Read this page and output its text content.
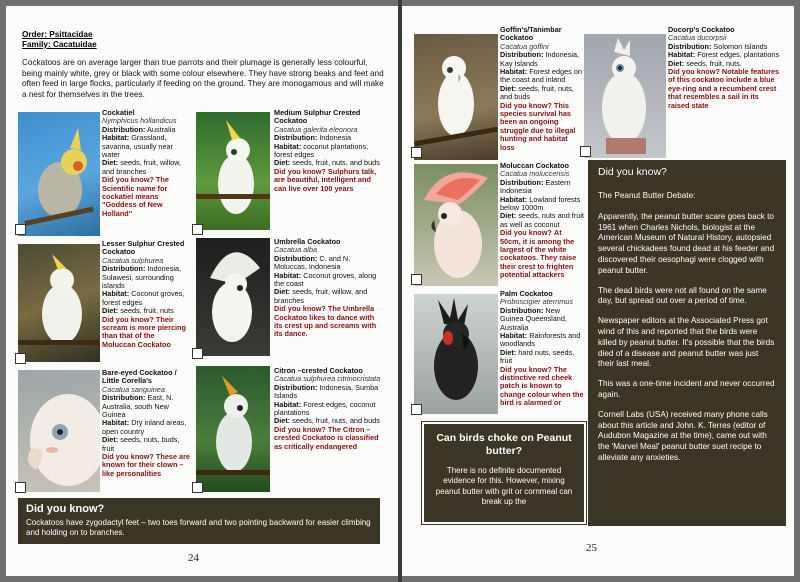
Order: Psittacidae
Family: Cacatuidae
Cockatoos are on average larger than true parrots and their plumage is generally less colourful, being mainly white, grey or black with some colour elsewhere. They have strong beaks and feet and often feed in large flocks, particularly if feeding on the ground. They are monogamous and will make a nest for themselves in the trees.
Cockatiel
Nymphicus hollandicus
Distribution: Australia
Habitat: Grassland, savanna, usually near water
Diet: seeds, fruit, willow, and branches
Did you know? The Scientific name for cockatiel means "Goddess of New Holland"
Medium Sulphur Crested Cockatoo
Cacatua galerita eleonora
Distribution: Indonesia
Habitat: coconut plantations, forest edges
Diet: seeds, fruit, nuts, and buds
Did you know? Sulphurs talk, are beautiful, intelligent and can live over 100 years
Lesser Sulphur Crested Cockatoo
Cacatua sulphurea
Distribution: Indonesia, Sulawesi, surrounding islands
Habitat: Coconut groves, forest edges
Diet: seeds, fruit, nuts
Did you know? Their scream is more piercing than that of the Moluccan Cockatoo
Umbrella Cockatoo
Cacatua alba
Distribution: C. and N. Moluccas, Indonesia
Habitat: Coconut groves, along the coast
Diet: seeds, fruit, willow, and branches
Did you know? The Umbrella Cockatoo likes to dance with its crest up and screams with its dance.
Bare-eyed Cockatoo / Little Corella's
Cacatua sanguinea
Distribution: East, N. Australia, south New Guinea
Habitat: Dry inland areas, open country
Diet: seeds, nuts, buds, fruit
Did you know? These are known for their clown – like personalities
Citron –crested Cockatoo
Cacatua sulphurea citrinocristata
Distribution: Indonesia, Sumba Islands
Habitat: Forest edges, coconut plantations
Diet: seeds, fruit, nuts, and buds
Did you know? The Citron – crested Cockatoo is classified as critically endangered
Did you know?
Cockatoos have zygodactyl feet – two toes forward and two pointing backward for easier climbing and holding on to branches.
24
Goffin's/Tanimbar Cockatoo
Cacatua goffini
Distribution: Indonesia, Kay Islands
Habitat: Forest edges on the coast and inland
Diet: seeds, fruit, nuts, and buds
Did you know? This species survival has been an ongoing struggle due to illegal hunting and habitat loss
Ducorp's Cockatoo
Cacatua ducorpsii
Distribution: Solomon Islands
Habitat: Forest edges, plantations
Diet: seeds, fruit, nuts.
Did you know? Notable features of this cockatoo include a blue eye-ring and a recumbent crest that resembles a sail in its raised state
Moluccan Cockatoo
Cacatua moluccensis
Distribution: Eastern Indonesia
Habitat: Lowland forests below 1000m
Diet: seeds, nuts and fruit as well as coconut
Did you know? At 50cm, it is among the largest of the white cockatoos. They raise their crest to frighten potential attackers
Palm Cockatoo
Proboscigier aterrimus
Distribution: New Guinea Queensland, Australia
Habitat: Rainforests and woodlands
Diet: hard nuts, seeds, fruit
Did you know? The distinctive red cheek patch is known to change colour when the bird is alarmed or
Can birds choke on Peanut butter?
There is no definite documented evidence for this. However, mixing peanut butter with grit or cornmeal can break up the
Did you know?
The Peanut Butter Debate:

Apparently, the peanut butter scare goes back to 1961 when Charles Nichols, biologist at the American Museum of Natural History, autopsied several chickadees found dead at his feeder and discovered their oesophagi were clogged with peanut butter.

The dead birds were not all found on the same day, but spread out over a period of time.

Newspaper editors at the Associated Press got wind of this and reported that the birds were killed by peanut butter. It's possible that the birds died of a disease and peanut butter was just their last meal.

This was a one-time incident and never occurred again.

Cornell Labs (USA) received many phone calls about this article and John. K. Terres (editor of Audubon Magazine at the time), came out with the 'Marvel Meal' peanut butter suet recipe to alleviate any anxieties.

25
